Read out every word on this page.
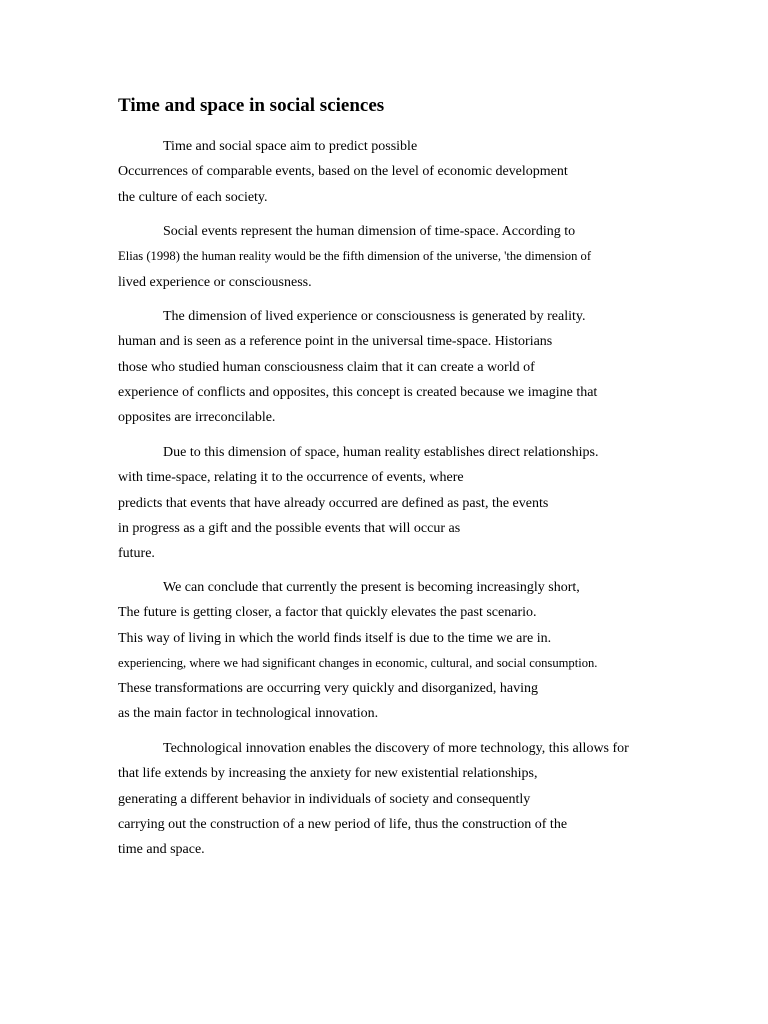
Time and space in social sciences
Time and social space aim to predict possible
Occurrences of comparable events, based on the level of economic development
the culture of each society.
Social events represent the human dimension of time-space. According to
Elias (1998) the human reality would be the fifth dimension of the universe, 'the dimension of
lived experience or consciousness.
The dimension of lived experience or consciousness is generated by reality.
human and is seen as a reference point in the universal time-space. Historians
those who studied human consciousness claim that it can create a world of
experience of conflicts and opposites, this concept is created because we imagine that
opposites are irreconcilable.
Due to this dimension of space, human reality establishes direct relationships.
with time-space, relating it to the occurrence of events, where
predicts that events that have already occurred are defined as past, the events
in progress as a gift and the possible events that will occur as
future.
We can conclude that currently the present is becoming increasingly short,
The future is getting closer, a factor that quickly elevates the past scenario.
This way of living in which the world finds itself is due to the time we are in.
experiencing, where we had significant changes in economic, cultural, and social consumption.
These transformations are occurring very quickly and disorganized, having
as the main factor in technological innovation.
Technological innovation enables the discovery of more technology, this allows for
that life extends by increasing the anxiety for new existential relationships,
generating a different behavior in individuals of society and consequently
carrying out the construction of a new period of life, thus the construction of the
time and space.
